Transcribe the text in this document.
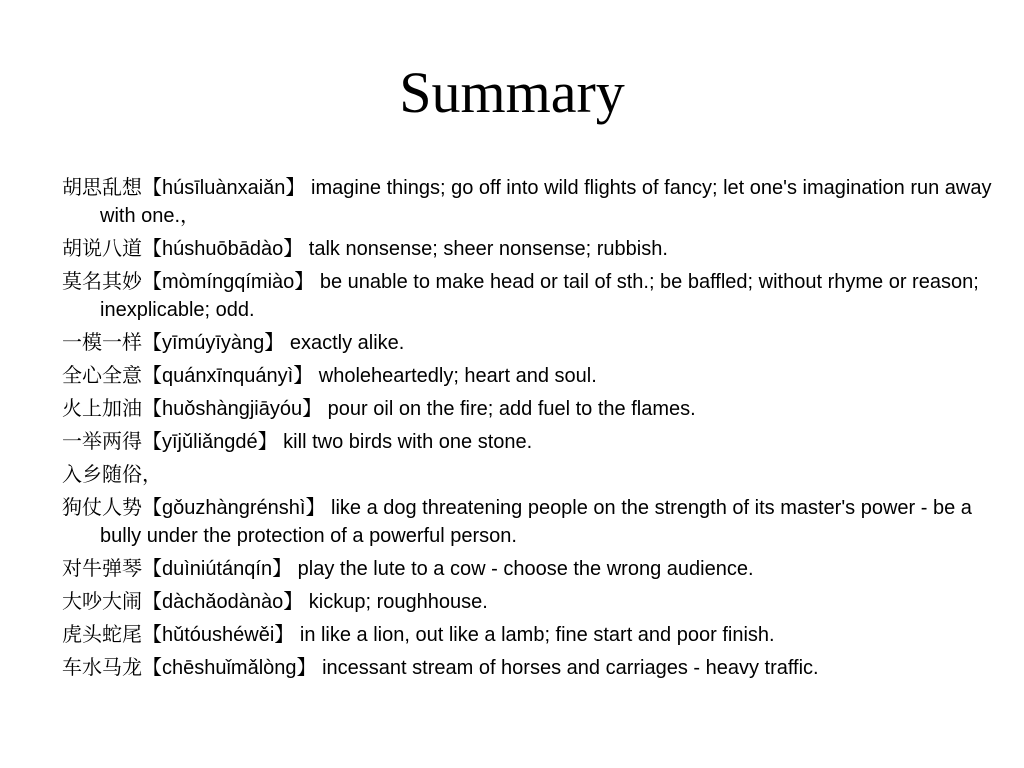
Summary
胡思乱想【húsīluànxaiǎn】 imagine things; go off into wild flights of fancy; let one's imagination run away with one.，
胡说八道【húshuōbādào】 talk nonsense; sheer nonsense; rubbish.
莫名其妙【mòmíngqímiào】 be unable to make head or tail of sth.; be baffled; without rhyme or reason; inexplicable; odd.
一模一样【yīmúyīyàng】 exactly alike.
全心全意【quánxīnquányì】 wholeheartedly; heart and soul.
火上加油【huǒshàngjiāyóu】 pour oil on the fire; add fuel to the flames.
一举两得【yījǔliǎngdé】 kill two birds with one stone.
入乡随俗，
狗仗人势【gǒuzhàngrénshì】 like a dog threatening people on the strength of its master's power - be a bully under the protection of a powerful person.
对牛弹琴【duìniútánqín】 play the lute to a cow - choose the wrong audience.
大吵大闹【dàchǎodànào】 kickup; roughhouse.
虎头蛇尾【hǔtóushéwěi】 in like a lion, out like a lamb; fine start and poor finish.
车水马龙【chēshuǐmǎlòng】 incessant stream of horses and carriages - heavy traffic.
